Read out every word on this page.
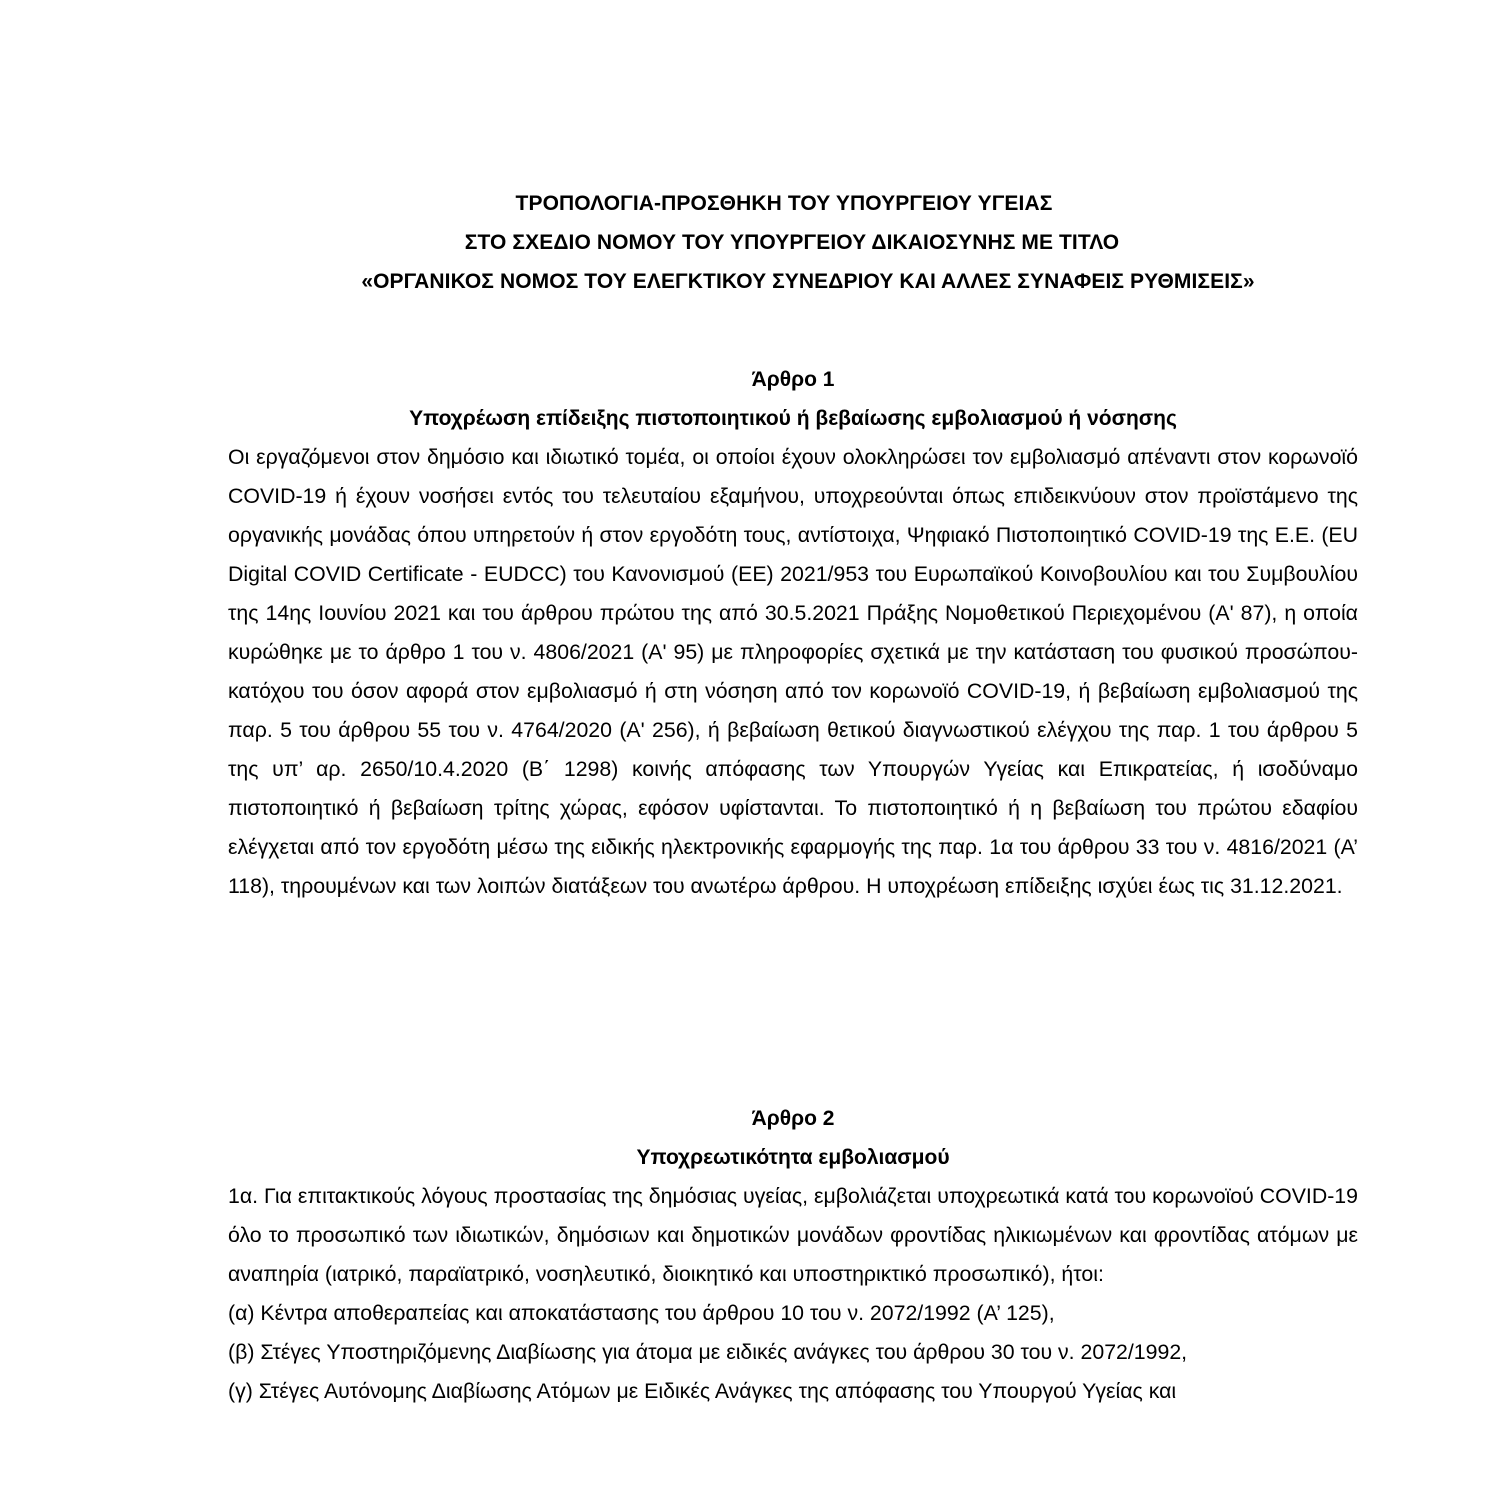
ΤΡΟΠΟΛΟΓΙΑ-ΠΡΟΣΘΗΚΗ ΤΟΥ ΥΠΟΥΡΓΕΙΟΥ ΥΓΕΙΑΣ
ΣΤΟ ΣΧΕΔΙΟ ΝΟΜΟΥ ΤΟΥ ΥΠΟΥΡΓΕΙΟΥ ΔΙΚΑΙΟΣΥΝΗΣ ΜΕ ΤΙΤΛΟ
«ΟΡΓΑΝΙΚΟΣ ΝΟΜΟΣ ΤΟΥ ΕΛΕΓΚΤΙΚΟΥ ΣΥΝΕΔΡΙΟΥ ΚΑΙ ΑΛΛΕΣ ΣΥΝΑΦΕΙΣ ΡΥΘΜΙΣΕΙΣ»
Άρθρο 1
Υποχρέωση επίδειξης πιστοποιητικού ή βεβαίωσης εμβολιασμού ή νόσησης

Οι εργαζόμενοι στον δημόσιο και ιδιωτικό τομέα, οι οποίοι έχουν ολοκληρώσει τον εμβολιασμό απέναντι στον κορωνοϊό COVID-19 ή έχουν νοσήσει εντός του τελευταίου εξαμήνου, υποχρεούνται όπως επιδεικνύουν στον προϊστάμενο της οργανικής μονάδας όπου υπηρετούν ή στον εργοδότη τους, αντίστοιχα, Ψηφιακό Πιστοποιητικό COVID-19 της Ε.Ε. (EU Digital COVID Certificate - EUDCC) του Κανονισμού (ΕΕ) 2021/953 του Ευρωπαϊκού Κοινοβουλίου και του Συμβουλίου της 14ης Ιουνίου 2021 και του άρθρου πρώτου της από 30.5.2021 Πράξης Νομοθετικού Περιεχομένου (Α' 87), η οποία κυρώθηκε με το άρθρο 1 του ν. 4806/2021 (Α' 95) με πληροφορίες σχετικά με την κατάσταση του φυσικού προσώπου-κατόχου του όσον αφορά στον εμβολιασμό ή στη νόσηση από τον κορωνοϊό COVID-19, ή βεβαίωση εμβολιασμού της παρ. 5 του άρθρου 55 του ν. 4764/2020 (Α' 256), ή βεβαίωση θετικού διαγνωστικού ελέγχου της παρ. 1 του άρθρου 5 της υπ’ αρ. 2650/10.4.2020 (Β΄ 1298) κοινής απόφασης των Υπουργών Υγείας και Επικρατείας, ή ισοδύναμο πιστοποιητικό ή βεβαίωση τρίτης χώρας, εφόσον υφίστανται. Το πιστοποιητικό ή η βεβαίωση του πρώτου εδαφίου ελέγχεται από τον εργοδότη μέσω της ειδικής ηλεκτρονικής εφαρμογής της παρ. 1α του άρθρου 33 του ν. 4816/2021 (Α’ 118), τηρουμένων και των λοιπών διατάξεων του ανωτέρω άρθρου. Η υποχρέωση επίδειξης ισχύει έως τις 31.12.2021.

Άρθρο 2
Υποχρεωτικότητα εμβολιασμού

1α. Για επιτακτικούς λόγους προστασίας της δημόσιας υγείας, εμβολιάζεται υποχρεωτικά κατά του κορωνοϊού COVID-19 όλο το προσωπικό των ιδιωτικών, δημόσιων και δημοτικών μονάδων φροντίδας ηλικιωμένων και φροντίδας ατόμων με αναπηρία (ιατρικό, παραϊατρικό, νοσηλευτικό, διοικητικό και υποστηρικτικό προσωπικό), ήτοι:

(α) Κέντρα αποθεραπείας και αποκατάστασης του άρθρου 10 του ν. 2072/1992 (Α’ 125),

(β) Στέγες Υποστηριζόμενης Διαβίωσης για άτομα με ειδικές ανάγκες του άρθρου 30 του ν. 2072/1992,

(γ) Στέγες Αυτόνομης Διαβίωσης Ατόμων με Ειδικές Ανάγκες της απόφασης του Υπουργού Υγείας και
